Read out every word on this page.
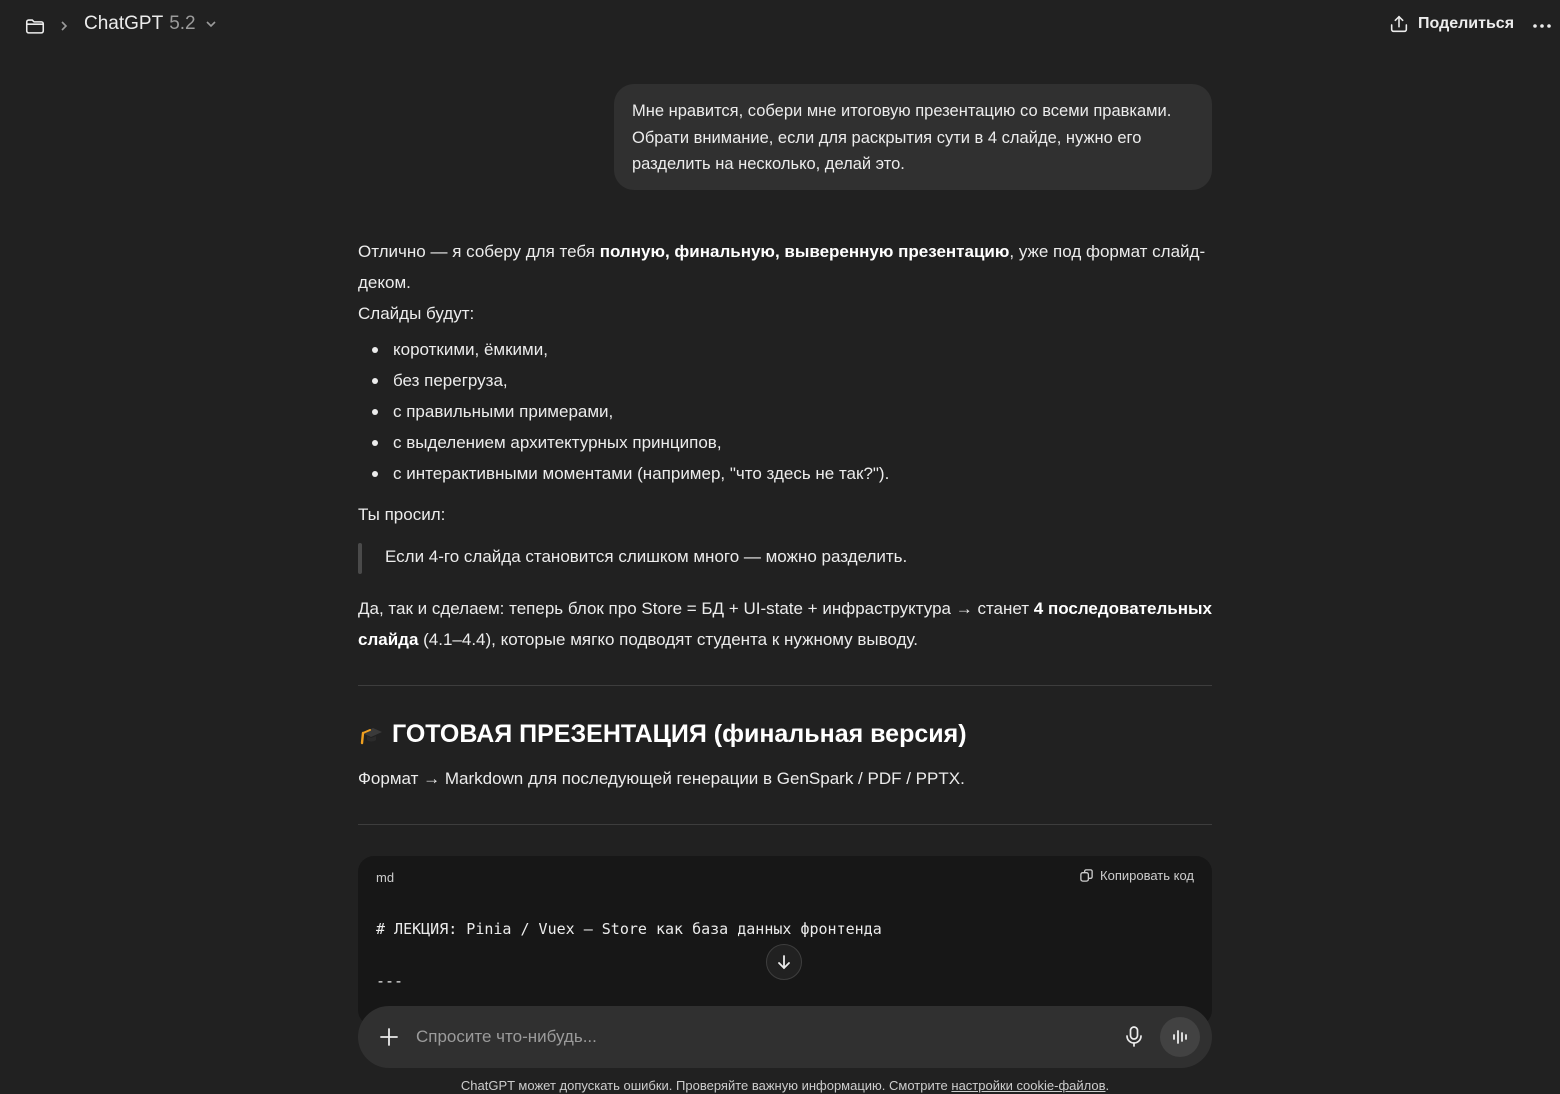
ChatGPT 5.2	Поделиться
Мне нравится, собери мне итоговую презентацию со всеми правками. Обрати внимание, если для раскрытия сути в 4 слайде, нужно его разделить на несколько, делай это.

Отлично — я соберу для тебя полную, финальную, выверенную презентацию, уже под формат слайд-деком.

Слайды будут:

короткими, ёмкими,
без перегруза,
с правильными примерами,
с выделением архитектурных принципов,
с интерактивными моментами (например, "что здесь не так?").

Ты просил:

Если 4-го слайда становится слишком много — можно разделить.

Да, так и сделаем: теперь блок про Store = БД + UI-state + инфраструктура → станет 4 последовательных слайда (4.1–4.4), которые мягко подводят студента к нужному выводу.

ГОТОВАЯ ПРЕЗЕНТАЦИЯ (финальная версия)

Формат → Markdown для последующей генерации в GenSpark / PDF / PPTX.

md	Копировать код
# ЛЕКЦИЯ: Pinia / Vuex — Store как база данных фронтенда

---
Спросите что-нибудь...
ChatGPT может допускать ошибки. Проверяйте важную информацию. Смотрите настройки cookie-файлов.
